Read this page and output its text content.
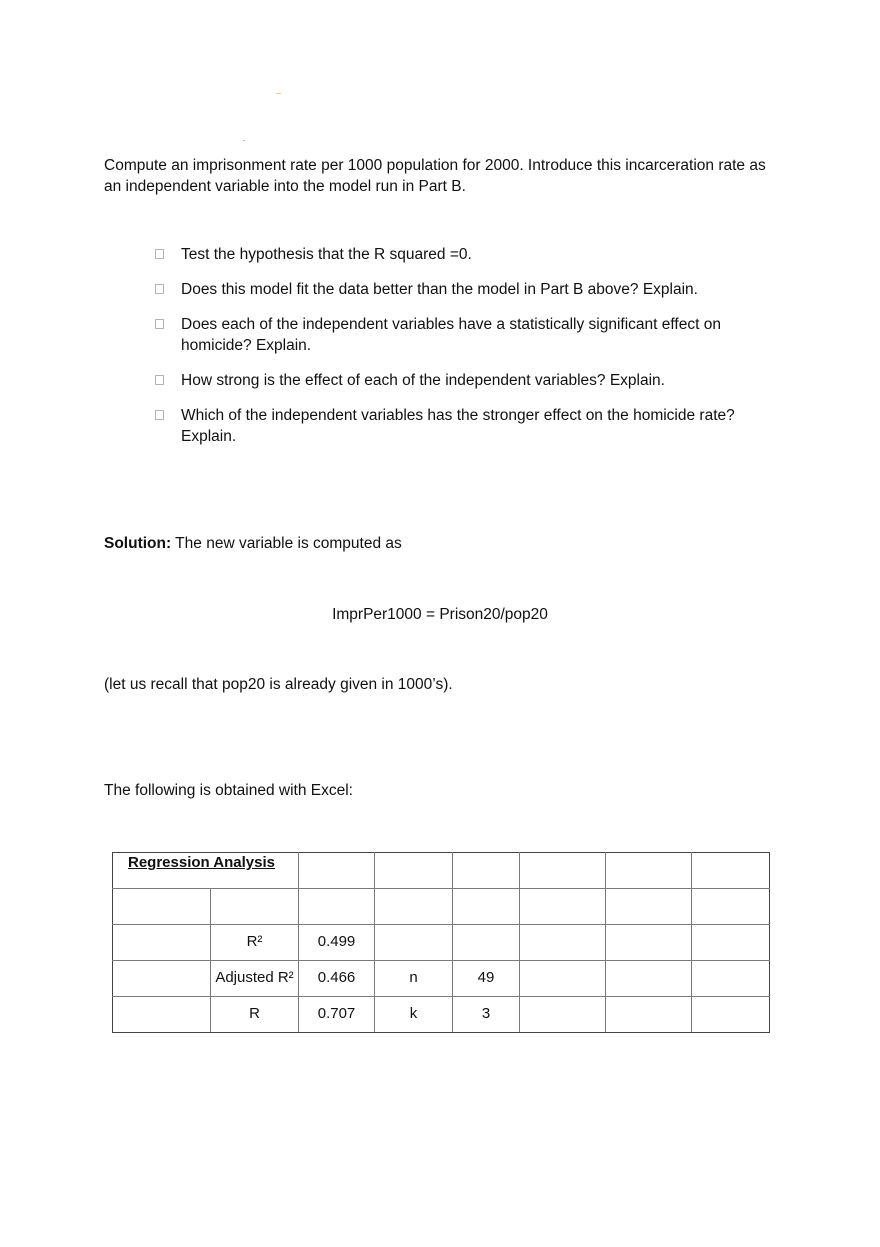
Compute an imprisonment rate per 1000 population for 2000. Introduce this incarceration rate as an independent variable into the model run in Part B.
Test the hypothesis that the R squared =0.
Does this model fit the data better than the model in Part B above? Explain.
Does each of the independent variables have a statistically significant effect on homicide? Explain.
How strong is the effect of each of the independent variables? Explain.
Which of the independent variables has the stronger effect on the homicide rate? Explain.
Solution: The new variable is computed as
ImprPer1000 = Prison20/pop20
(let us recall that pop20 is already given in 1000’s).
The following is obtained with Excel:
Regression Analysis							

	R²	0.499					
	Adjusted R²	0.466	n	49			
	R	0.707	k	3			
